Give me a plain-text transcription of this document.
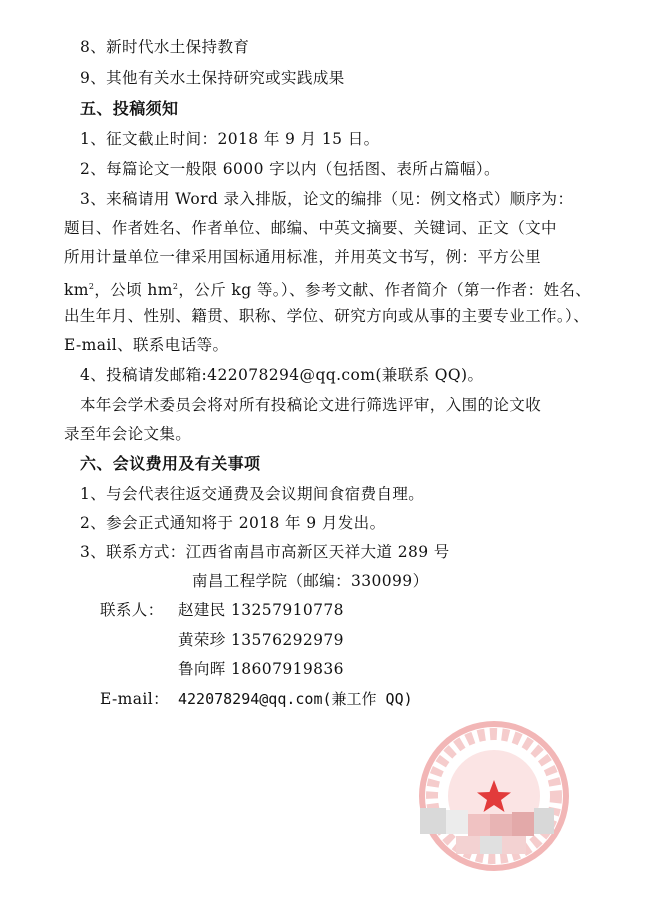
8、新时代水土保持教育
9、其他有关水土保持研究或实践成果
五、投稿须知
1、征文截止时间：2018 年 9 月 15 日。
2、每篇论文一般限 6000 字以内（包括图、表所占篇幅）。
3、来稿请用 Word 录入排版，论文的编排（见：例文格式）顺序为：
题目、作者姓名、作者单位、邮编、中英文摘要、关键词、正文（文中
所用计量单位一律采用国标通用标准，并用英文书写，例：平方公里
$km^2$，公顷 $hm^2$，公斤 kg 等。）、参考文献、作者简介（第一作者：姓名、
出生年月、性别、籍贯、职称、学位、研究方向或从事的主要专业工作。）、
E-mail、联系电话等。
4、投稿请发邮箱:422078294@qq.com(兼联系 QQ)。
本年会学术委员会将对所有投稿论文进行筛选评审，入围的论文收
录至年会论文集。
六、会议费用及有关事项
1、与会代表往返交通费及会议期间食宿费自理。
2、参会正式通知将于 2018 年 9 月发出。
3、联系方式：江西省南昌市高新区天祥大道 289 号
南昌工程学院（邮编：330099）
联系人： 赵建民 13257910778
黄荣珍 13576292979
鲁向晖 18607919836
E-mail： 422078294@qq.com(兼工作 QQ)
